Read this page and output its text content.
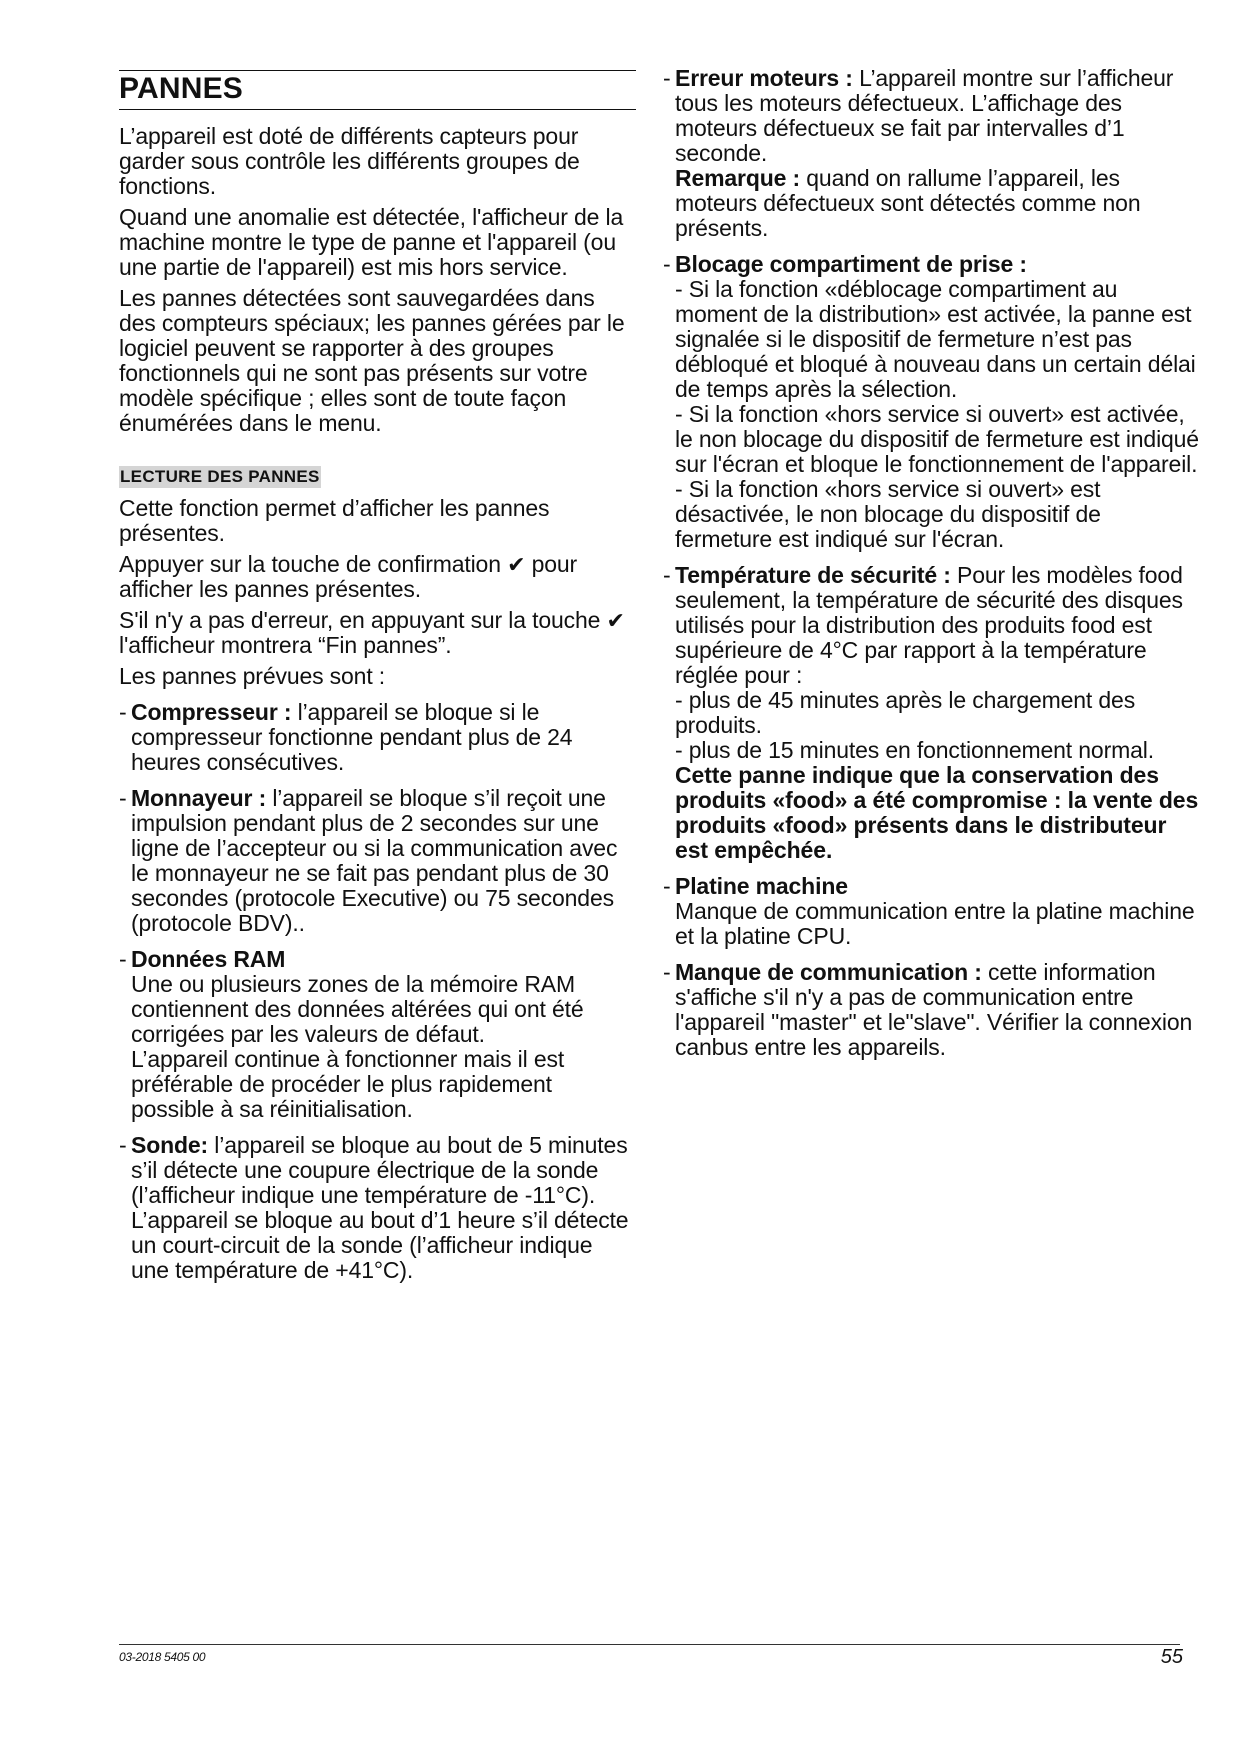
PANNES

L’appareil est doté de différents capteurs pour garder sous contrôle les différents groupes de fonctions.

Quand une anomalie est détectée, l'afficheur de la machine montre le type de panne et l'appareil (ou une partie de l'appareil) est mis hors service.

Les pannes détectées sont sauvegardées dans des compteurs spéciaux; les pannes gérées par le logiciel peuvent se rapporter à des groupes fonctionnels qui ne sont pas présents sur votre modèle spécifique ; elles sont de toute façon énumérées dans le menu.

LECTURE DES PANNES

Cette fonction permet d’afficher les pannes présentes.

Appuyer sur la touche de confirmation ✔ pour afficher les pannes présentes.

S'il n'y a pas d'erreur, en appuyant sur la touche ✔ l'afficheur montrera “Fin pannes”.

Les pannes prévues sont :

- Compresseur : l’appareil se bloque si le compresseur fonctionne pendant plus de 24 heures consécutives.
- Monnayeur : l’appareil se bloque s’il reçoit une impulsion pendant plus de 2 secondes sur une ligne de l’accepteur ou si la communication avec le monnayeur ne se fait pas pendant plus de 30 secondes (protocole Executive) ou 75 secondes (protocole BDV)..
- Données RAM
Une ou plusieurs zones de la mémoire RAM contiennent des données altérées qui ont été corrigées par les valeurs de défaut.
L’appareil continue à fonctionner mais il est préférable de procéder le plus rapidement possible à sa réinitialisation.
- Sonde: l’appareil se bloque au bout de 5 minutes s’il détecte une coupure électrique de la sonde (l’afficheur indique une température de -11°C).
L’appareil se bloque au bout d’1 heure s’il détecte un court-circuit de la sonde (l’afficheur indique une température de +41°C).
- Erreur moteurs : L’appareil montre sur l’afficheur tous les moteurs défectueux. L’affichage des moteurs défectueux se fait par intervalles d’1 seconde.
Remarque : quand on rallume l’appareil, les moteurs défectueux sont détectés comme non présents.
- Blocage compartiment de prise :
- Si la fonction «déblocage compartiment au moment de la distribution» est activée, la panne est signalée si le dispositif de fermeture n’est pas débloqué et bloqué à nouveau dans un certain délai de temps après la sélection.
- Si la fonction «hors service si ouvert» est activée, le non blocage du dispositif de fermeture est indiqué sur l'écran et bloque le fonctionnement de l'appareil.
- Si la fonction «hors service si ouvert» est désactivée, le non blocage du dispositif de fermeture est indiqué sur l'écran.
- Température de sécurité : Pour les modèles food seulement, la température de sécurité des disques utilisés pour la distribution des produits food est supérieure de 4°C par rapport à la température réglée pour :
- plus de 45 minutes après le chargement des produits.
- plus de 15 minutes en fonctionnement normal.
Cette panne indique que la conservation des produits «food» a été compromise : la vente des produits «food» présents dans le distributeur est empêchée.
- Platine machine
Manque de communication entre la platine machine et la platine CPU.
- Manque de communication : cette information s'affiche s'il n'y a pas de communication entre l'appareil "master" et le"slave". Vérifier la connexion canbus entre les appareils.
03-2018 5405 00	55
